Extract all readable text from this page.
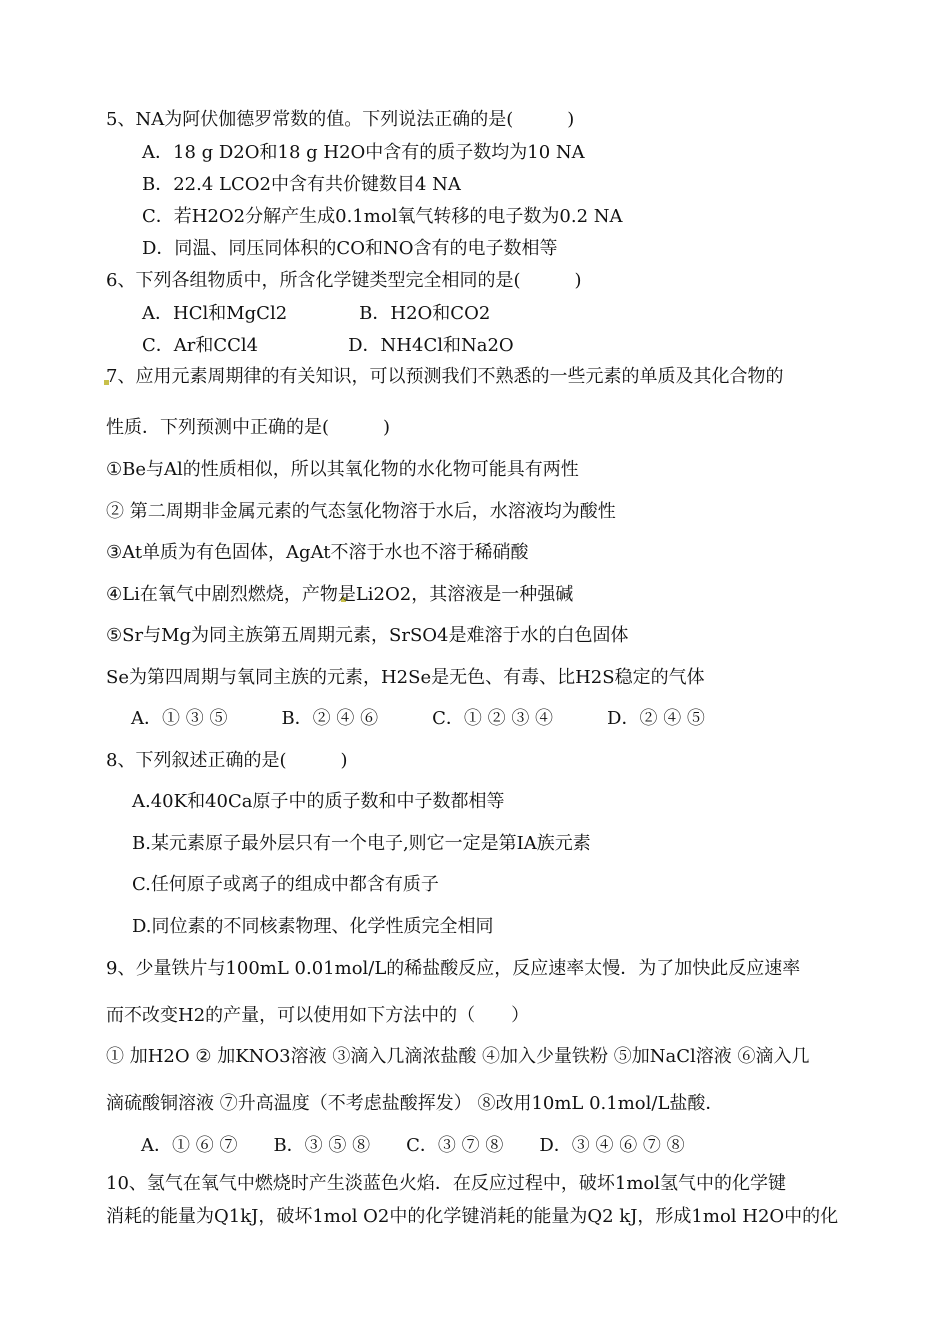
5、NA为阿伏伽德罗常数的值。下列说法正确的是(　　　)
A．18 g D2O和18 g H2O中含有的质子数均为10 NA
B．22.4 LCO2中含有共价键数目4 NA
C．若H2O2分解产生成0.1mol氧气转移的电子数为0.2 NA
D．同温、同压同体积的CO和NO含有的电子数相等
6、下列各组物质中，所含化学键类型完全相同的是(　　　)
A．HCl和MgCl2　　　　B．H2O和CO2
C．Ar和CCl4　　　　　D．NH4Cl和Na2O
7、应用元素周期律的有关知识，可以预测我们不熟悉的一些元素的单质及其化合物的
性质．下列预测中正确的是(　　　)
①Be与Al的性质相似，所以其氧化物的水化物可能具有两性
② 第二周期非金属元素的气态氢化物溶于水后，水溶液均为酸性
③At单质为有色固体，AgAt不溶于水也不溶于稀硝酸
④Li在氧气中剧烈燃烧，产物是Li2O2，其溶液是一种强碱
⑤Sr与Mg为同主族第五周期元素，SrSO4是难溶于水的白色固体
Se为第四周期与氧同主族的元素，H2Se是无色、有毒、比H2S稳定的气体
A．① ③ ⑤　　　B．② ④ ⑥　　　C．① ② ③ ④　　　D．② ④ ⑤
8、下列叙述正确的是(　　　)
A.40K和40Ca原子中的质子数和中子数都相等
B.某元素原子最外层只有一个电子,则它一定是第ⅠA族元素
C.任何原子或离子的组成中都含有质子
D.同位素的不同核素物理、化学性质完全相同
9、少量铁片与100mL 0.01mol/L的稀盐酸反应，反应速率太慢．为了加快此反应速率
而不改变H2的产量，可以使用如下方法中的（　　）
① 加H2O ② 加KNO3溶液 ③滴入几滴浓盐酸 ④加入少量铁粉 ⑤加NaCl溶液 ⑥滴入几
滴硫酸铜溶液 ⑦升高温度（不考虑盐酸挥发） ⑧改用10mL 0.1mol/L盐酸．
A．① ⑥ ⑦　　B．③ ⑤ ⑧　　C．③ ⑦ ⑧　　D．③ ④ ⑥ ⑦ ⑧
10、氢气在氧气中燃烧时产生淡蓝色火焰．在反应过程中，破坏1mol氢气中的化学键
消耗的能量为Q1kJ，破坏1mol O2中的化学键消耗的能量为Q2 kJ，形成1mol H2O中的化
